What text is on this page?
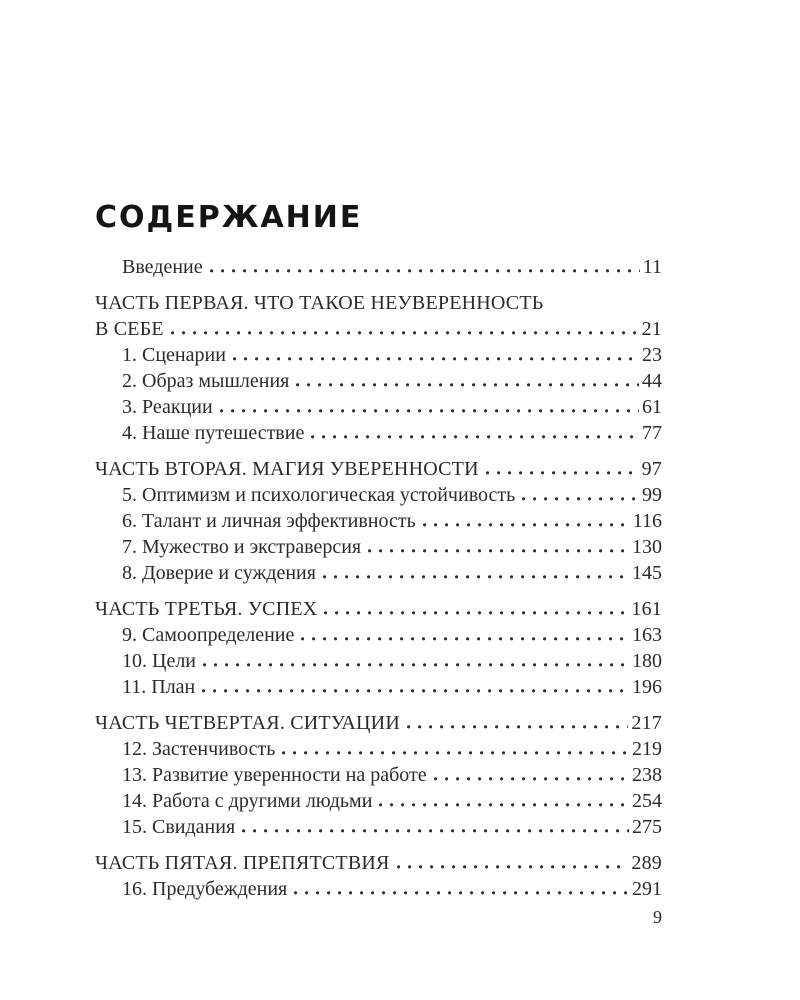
СОДЕРЖАНИЕ
Введение	11
ЧАСТЬ ПЕРВАЯ. ЧТО ТАКОЕ НЕУВЕРЕННОСТЬ
В СЕБЕ	21
1. Сценарии	23
2. Образ мышления	44
3. Реакции	61
4. Наше путешествие	77
ЧАСТЬ ВТОРАЯ. МАГИЯ УВЕРЕННОСТИ	97
5. Оптимизм и психологическая устойчивость	99
6. Талант и личная эффективность	116
7. Мужество и экстраверсия	130
8. Доверие и суждения	145
ЧАСТЬ ТРЕТЬЯ. УСПЕХ	161
9. Самоопределение	163
10. Цели	180
11. План	196
ЧАСТЬ ЧЕТВЕРТАЯ. СИТУАЦИИ	217
12. Застенчивость	219
13. Развитие уверенности на работе	238
14. Работа с другими людьми	254
15. Свидания	275
ЧАСТЬ ПЯТАЯ. ПРЕПЯТСТВИЯ	289
16. Предубеждения	291
9
